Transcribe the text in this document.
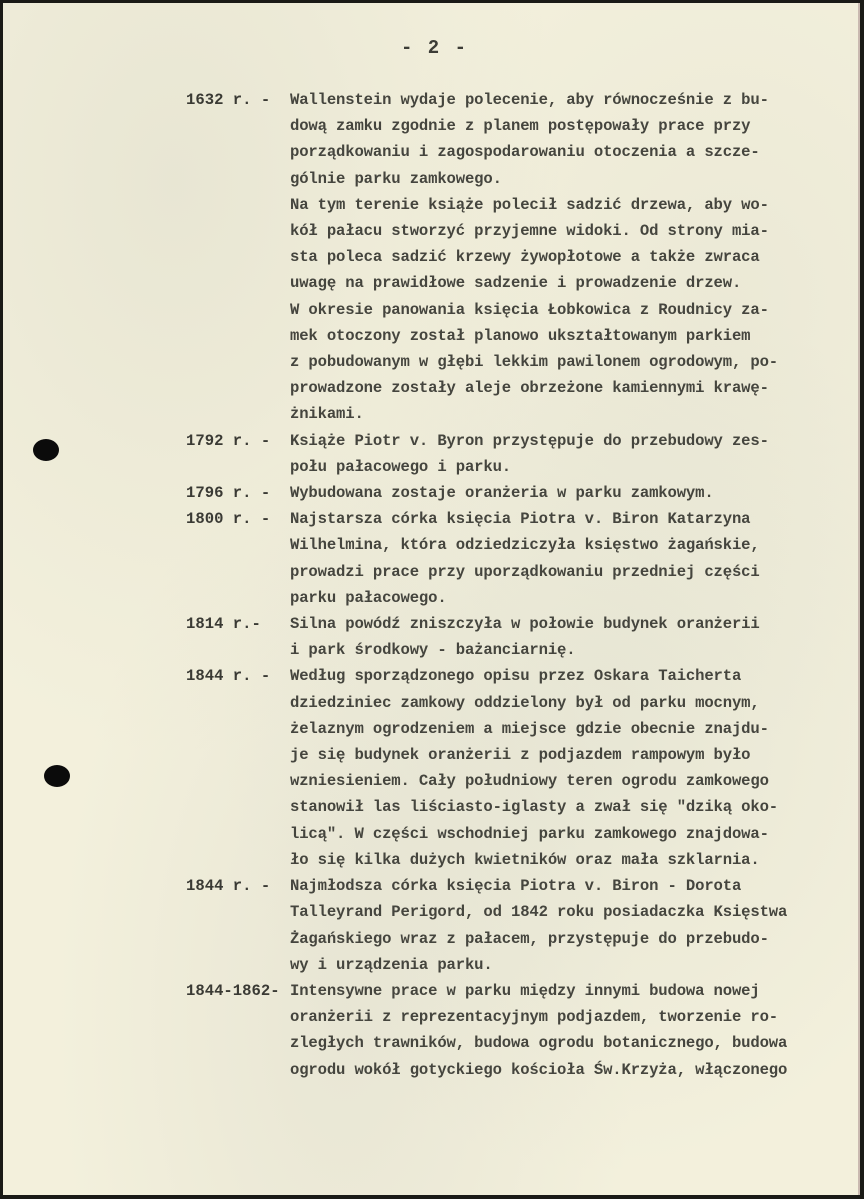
- 2 -
1632 r. - Wallenstein wydaje polecenie, aby równocześnie z bu-
dową zamku zgodnie z planem postępowały prace przy
porządkowaniu i zagospodarowaniu otoczenia a szcze-
gólnie parku zamkowego.
Na tym terenie książe polecił sadzić drzewa, aby wo-
kół pałacu stworzyć przyjemne widoki. Od strony mia-
sta poleca sadzić krzewy żywopłotowe a także zwraca
uwagę na prawidłowe sadzenie i prowadzenie drzew.
W okresie panowania księcia Łobkowica z Roudnicy za-
mek otoczony został planowo ukształtowanym parkiem
z pobudowanym w głębi lekkim pawilonem ogrodowym, po-
prowadzone zostały aleje obrzeżone kamiennymi krawę-
żnikami.
1792 r. - Książe Piotr v. Byron przystępuje do przebudowy zes-
połu pałacowego i parku.
1796 r. - Wybudowana zostaje oranżeria w parku zamkowym.
1800 r. - Najstarsza córka księcia Piotra v. Biron Katarzyna
Wilhelmina, która odziedziczyła księstwo żagańskie,
prowadzi prace przy uporządkowaniu przedniej części
parku pałacowego.
1814 r.- Silna powódź zniszczyła w połowie budynek oranżerii
i park środkowy - bażanciarnię.
1844 r. - Według sporządzonego opisu przez Oskara Taicherta
dziedziniec zamkowy oddzielony był od parku mocnym,
żelaznym ogrodzeniem a miejsce gdzie obecnie znajdu-
je się budynek oranżerii z podjazdem rampowym było
wzniesieniem. Cały południowy teren ogrodu zamkowego
stanowił las liściasto-iglasty a zwał się "dziką oko-
licą". W części wschodniej parku zamkowego znajdowa-
ło się kilka dużych kwietników oraz mała szklarnia.
1844 r. - Najmłodsza córka księcia Piotra v. Biron - Dorota
Talleyrand Perigord, od 1842 roku posiadaczka Księstwa
Żagańskiego wraz z pałacem, przystępuje do przebudo-
wy i urządzenia parku.
1844-1862- Intensywne prace w parku między innymi budowa nowej
oranżerii z reprezentacyjnym podjazdem, tworzenie ro-
zległych trawników, budowa ogrodu botanicznego, budowa
ogrodu wokół gotyckiego kościoła Św.Krzyża, włączonego
